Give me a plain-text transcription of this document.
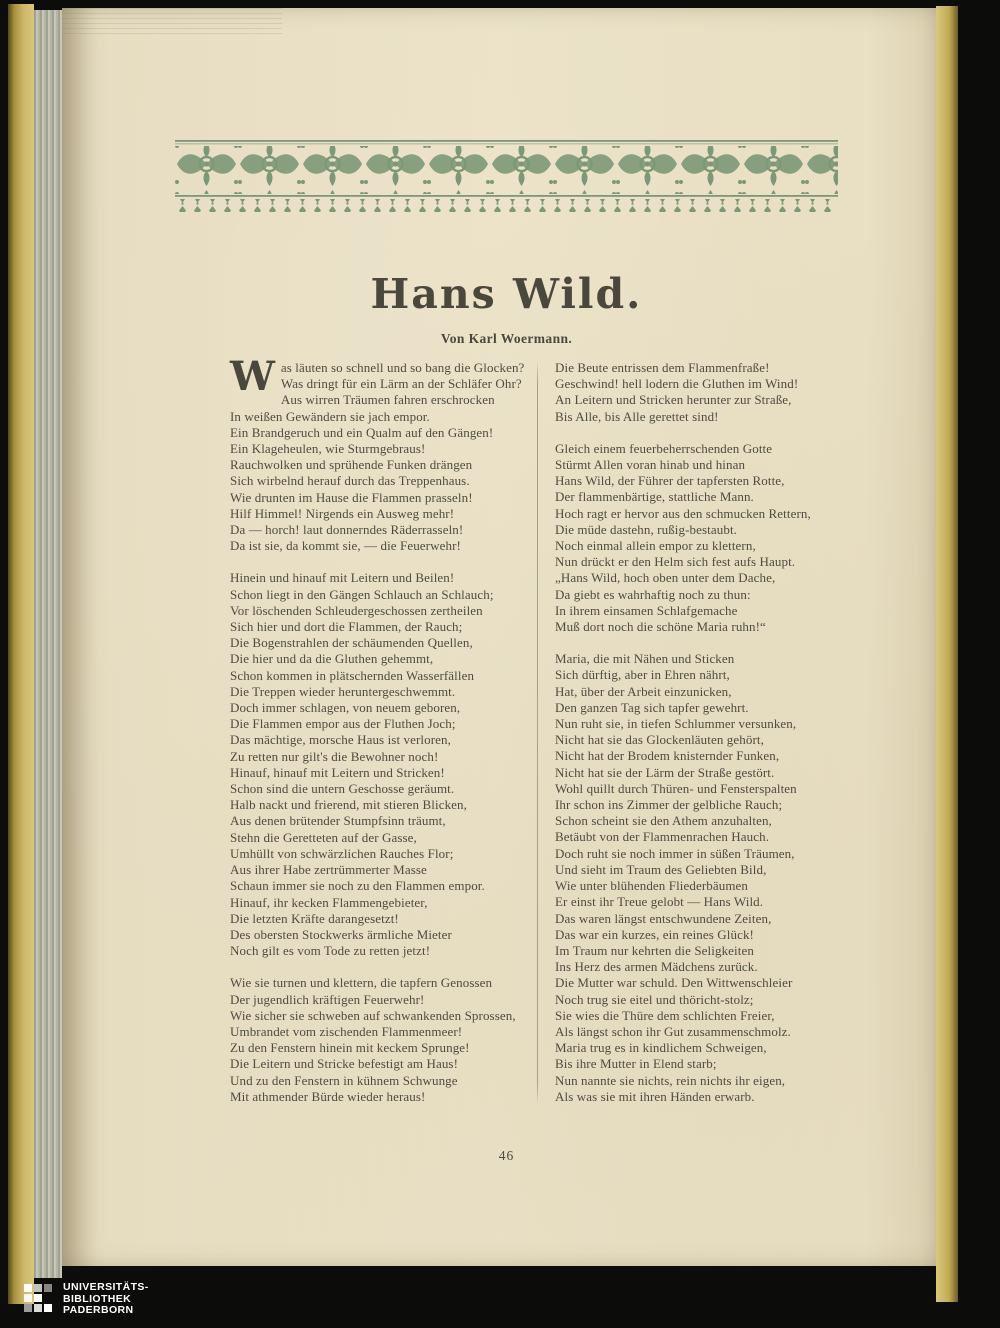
Hans Wild.
Von Karl Woermann.
W as läuten so schnell und so bang die Glocken?
Was dringt für ein Lärm an der Schläfer Ohr?
Aus wirren Träumen fahren erschrocken
In weißen Gewändern sie jach empor.
Ein Brandgeruch und ein Qualm auf den Gängen!
Ein Klageheulen, wie Sturmgebraus!
Rauchwolken und sprühende Funken drängen
Sich wirbelnd herauf durch das Treppenhaus.
Wie drunten im Hause die Flammen prasseln!
Hilf Himmel! Nirgends ein Ausweg mehr!
Da — horch! laut donnerndes Räderrasseln!
Da ist sie, da kommt sie, — die Feuerwehr!
Hinein und hinauf mit Leitern und Beilen!
Schon liegt in den Gängen Schlauch an Schlauch;
Vor löschenden Schleudergeschossen zertheilen
Sich hier und dort die Flammen, der Rauch;
Die Bogenstrahlen der schäumenden Quellen,
Die hier und da die Gluthen gehemmt,
Schon kommen in plätschernden Wasserfällen
Die Treppen wieder heruntergeschwemmt.
Doch immer schlagen, von neuem geboren,
Die Flammen empor aus der Fluthen Joch;
Das mächtige, morsche Haus ist verloren,
Zu retten nur gilt's die Bewohner noch!
Hinauf, hinauf mit Leitern und Stricken!
Schon sind die untern Geschosse geräumt.
Halb nackt und frierend, mit stieren Blicken,
Aus denen brütender Stumpfsinn träumt,
Stehn die Geretteten auf der Gasse,
Umhüllt von schwärzlichen Rauches Flor;
Aus ihrer Habe zertrümmerter Masse
Schaun immer sie noch zu den Flammen empor.
Hinauf, ihr kecken Flammengebieter,
Die letzten Kräfte darangesetzt!
Des obersten Stockwerks ärmliche Mieter
Noch gilt es vom Tode zu retten jetzt!
Wie sie turnen und klettern, die tapfern Genossen
Der jugendlich kräftigen Feuerwehr!
Wie sicher sie schweben auf schwankenden Sprossen,
Umbrandet vom zischenden Flammenmeer!
Zu den Fenstern hinein mit keckem Sprunge!
Die Leitern und Stricke befestigt am Haus!
Und zu den Fenstern in kühnem Schwunge
Mit athmender Bürde wieder heraus!
Die Beute entrissen dem Flammenfraße!
Geschwind! hell lodern die Gluthen im Wind!
An Leitern und Stricken herunter zur Straße,
Bis Alle, bis Alle gerettet sind!
Gleich einem feuerbeherrschenden Gotte
Stürmt Allen voran hinab und hinan
Hans Wild, der Führer der tapfersten Rotte,
Der flammenbärtige, stattliche Mann.
Hoch ragt er hervor aus den schmucken Rettern,
Die müde dastehn, rußig-bestaubt.
Noch einmal allein empor zu klettern,
Nun drückt er den Helm sich fest aufs Haupt.
„Hans Wild, hoch oben unter dem Dache,
Da giebt es wahrhaftig noch zu thun:
In ihrem einsamen Schlafgemache
Muß dort noch die schöne Maria ruhn!“
Maria, die mit Nähen und Sticken
Sich dürftig, aber in Ehren nährt,
Hat, über der Arbeit einzunicken,
Den ganzen Tag sich tapfer gewehrt.
Nun ruht sie, in tiefen Schlummer versunken,
Nicht hat sie das Glockenläuten gehört,
Nicht hat der Brodem knisternder Funken,
Nicht hat sie der Lärm der Straße gestört.
Wohl quillt durch Thüren- und Fensterspalten
Ihr schon ins Zimmer der gelbliche Rauch;
Schon scheint sie den Athem anzuhalten,
Betäubt von der Flammenrachen Hauch.
Doch ruht sie noch immer in süßen Träumen,
Und sieht im Traum des Geliebten Bild,
Wie unter blühenden Fliederbäumen
Er einst ihr Treue gelobt — Hans Wild.
Das waren längst entschwundene Zeiten,
Das war ein kurzes, ein reines Glück!
Im Traum nur kehrten die Seligkeiten
Ins Herz des armen Mädchens zurück.
Die Mutter war schuld. Den Wittwenschleier
Noch trug sie eitel und thöricht-stolz;
Sie wies die Thüre dem schlichten Freier,
Als längst schon ihr Gut zusammenschmolz.
Maria trug es in kindlichem Schweigen,
Bis ihre Mutter in Elend starb;
Nun nannte sie nichts, rein nichts ihr eigen,
Als was sie mit ihren Händen erwarb.
46
UNIVERSITÄTS-
BIBLIOTHEK
PADERBORN
